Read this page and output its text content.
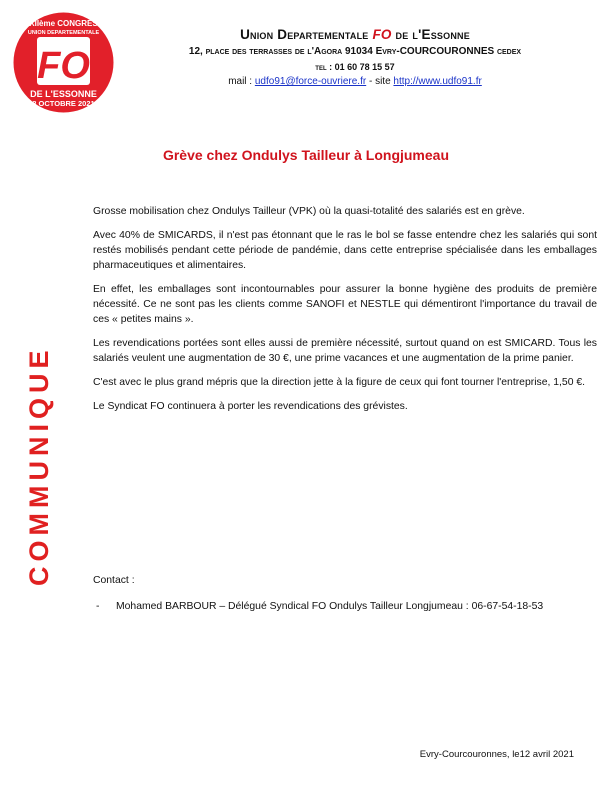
XIIème CONGRES
UNION DEPARTEMENTALE
FO
DE L'ESSONNE
8 OCTOBRE 2021

Union Departementale FO de l'Essonne

12, place des terrasses de l'Agora 91034 Evry-COURCOURONNES cedex
tel : 01 60 78 15 57
mail : udfo91@force-ouvriere.fr - site http://www.udfo91.fr
Grève chez Ondulys Tailleur à Longjumeau
COMMUNIQUE

Grosse mobilisation chez Ondulys Tailleur (VPK) où la quasi-totalité des salariés est en grève.

Avec 40% de SMICARDS, il n'est pas étonnant que le ras le bol se fasse entendre chez les salariés qui sont restés mobilisés pendant cette période de pandémie, dans cette entreprise spécialisée dans les emballages pharmaceutiques et alimentaires.

En effet, les emballages sont incontournables pour assurer la bonne hygiène des produits de première nécessité. Ce ne sont pas les clients comme SANOFI et NESTLE qui démentiront l'importance du travail de ces « petites mains ».

Les revendications portées sont elles aussi de première nécessité, surtout quand on est SMICARD. Tous les salariés veulent une augmentation de 30 €, une prime vacances et une augmentation de la prime panier.

C'est avec le plus grand mépris que la direction jette à la figure de ceux qui font tourner l'entreprise, 1,50 €.

Le Syndicat FO continuera à porter les revendications des grévistes.

Contact :
- Mohamed BARBOUR – Délégué Syndical FO Ondulys Tailleur Longjumeau : 06-67-54-18-53
Evry-Courcouronnes, le12 avril 2021
